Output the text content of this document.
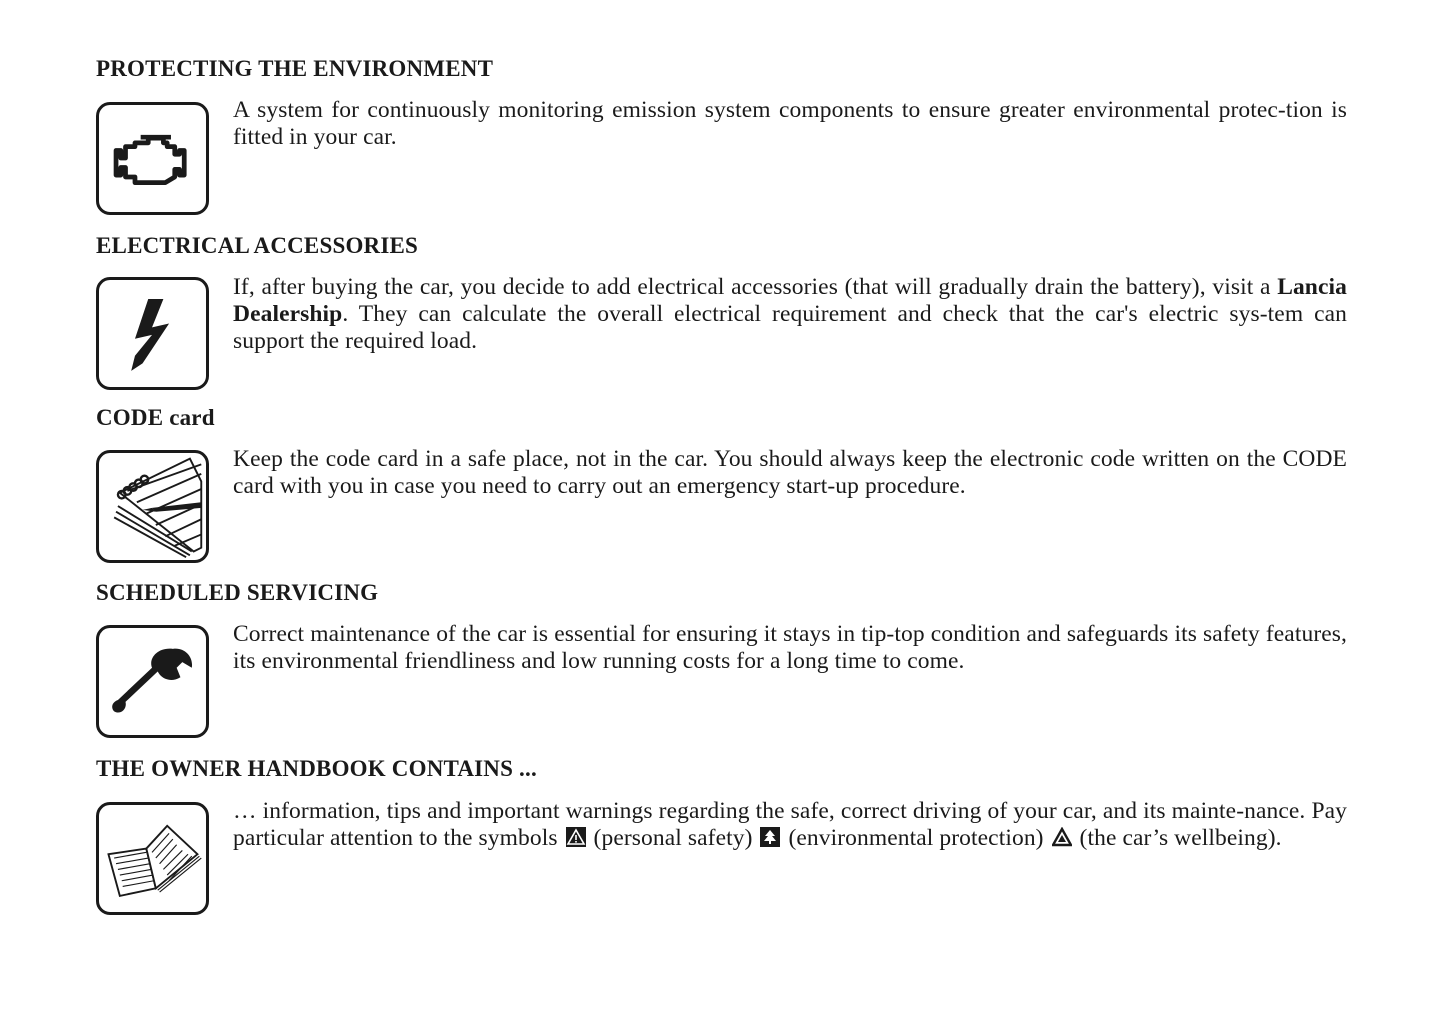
PROTECTING THE ENVIRONMENT
A system for continuously monitoring emission system components to ensure greater environmental protec-tion is fitted in your car.
ELECTRICAL ACCESSORIES
If, after buying the car, you decide to add electrical accessories (that will gradually drain the battery), visit a Lancia Dealership. They can calculate the overall electrical requirement and check that the car's electric sys-tem can support the required load.
CODE card
Keep the code card in a safe place, not in the car. You should always keep the electronic code written on the CODE card with you in case you need to carry out an emergency start-up procedure.
SCHEDULED SERVICING
Correct maintenance of the car is essential for ensuring it stays in tip-top condition and safeguards its safety features, its environmental friendliness and low running costs for a long time to come.
THE OWNER HANDBOOK CONTAINS ...
… information, tips and important warnings regarding the safe, correct driving of your car, and its mainte-nance. Pay particular attention to the symbols
(personal safety)
(environmental protection)
(the car’s wellbeing).
